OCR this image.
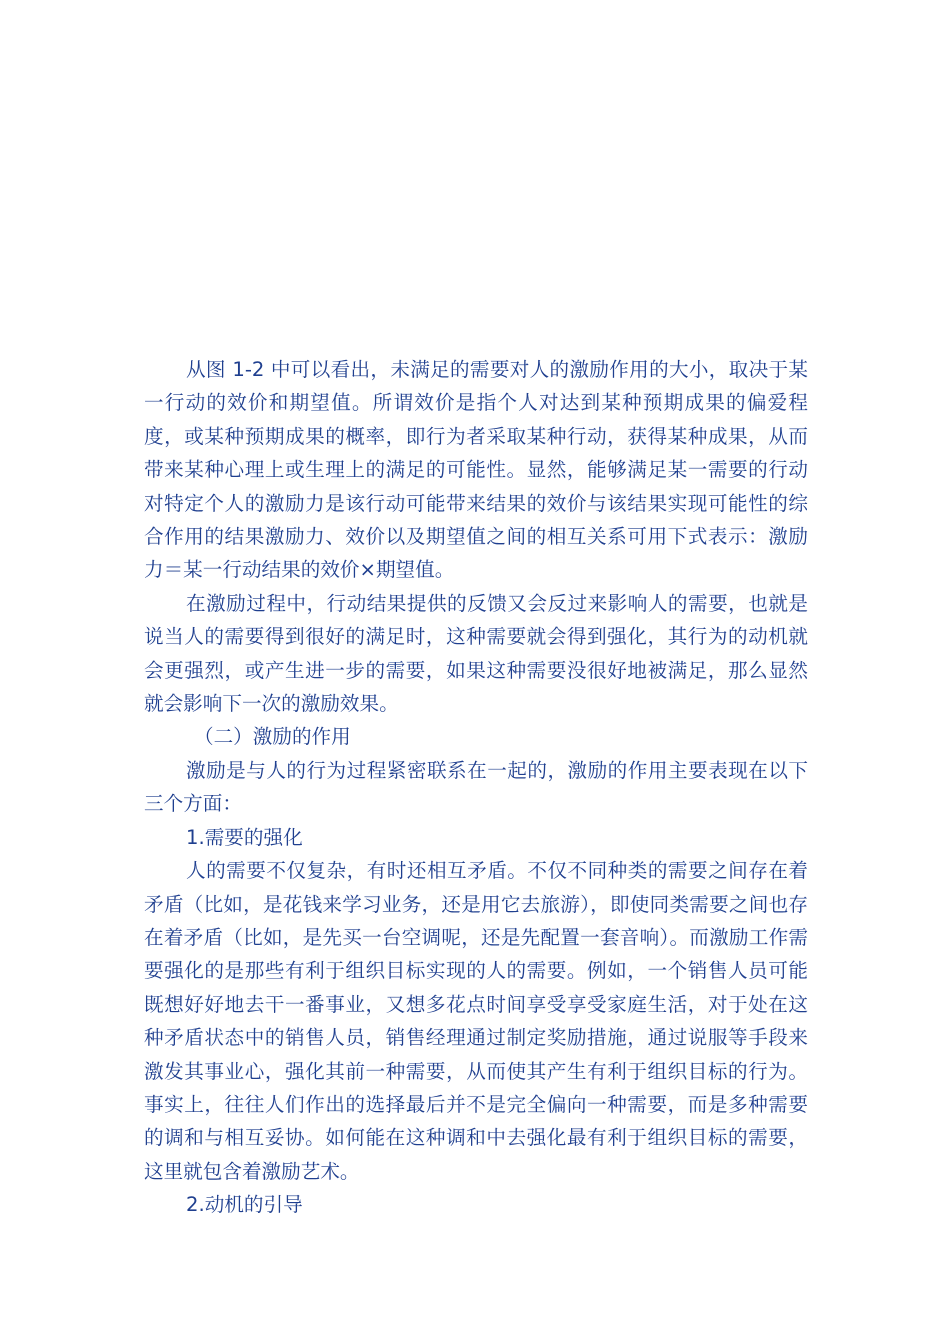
从图 1-2 中可以看出，未满足的需要对人的激励作用的大小，取决于某一行动的效价和期望值。所谓效价是指个人对达到某种预期成果的偏爱程度，或某种预期成果的概率，即行为者采取某种行动，获得某种成果，从而带来某种心理上或生理上的满足的可能性。显然，能够满足某一需要的行动对特定个人的激励力是该行动可能带来结果的效价与该结果实现可能性的综合作用的结果激励力、效价以及期望值之间的相互关系可用下式表示：激励力＝某一行动结果的效价×期望值。

在激励过程中，行动结果提供的反馈又会反过来影响人的需要，也就是说当人的需要得到很好的满足时，这种需要就会得到强化，其行为的动机就会更强烈，或产生进一步的需要，如果这种需要没很好地被满足，那么显然就会影响下一次的激励效果。

（二）激励的作用

激励是与人的行为过程紧密联系在一起的，激励的作用主要表现在以下三个方面：

1.需要的强化

人的需要不仅复杂，有时还相互矛盾。不仅不同种类的需要之间存在着矛盾（比如，是花钱来学习业务，还是用它去旅游），即使同类需要之间也存在着矛盾（比如，是先买一台空调呢，还是先配置一套音响）。而激励工作需要强化的是那些有利于组织目标实现的人的需要。例如，一个销售人员可能既想好好地去干一番事业，又想多花点时间享受享受家庭生活，对于处在这种矛盾状态中的销售人员，销售经理通过制定奖励措施，通过说服等手段来激发其事业心，强化其前一种需要，从而使其产生有利于组织目标的行为。事实上，往往人们作出的选择最后并不是完全偏向一种需要，而是多种需要的调和与相互妥协。如何能在这种调和中去强化最有利于组织目标的需要，这里就包含着激励艺术。

2.动机的引导
